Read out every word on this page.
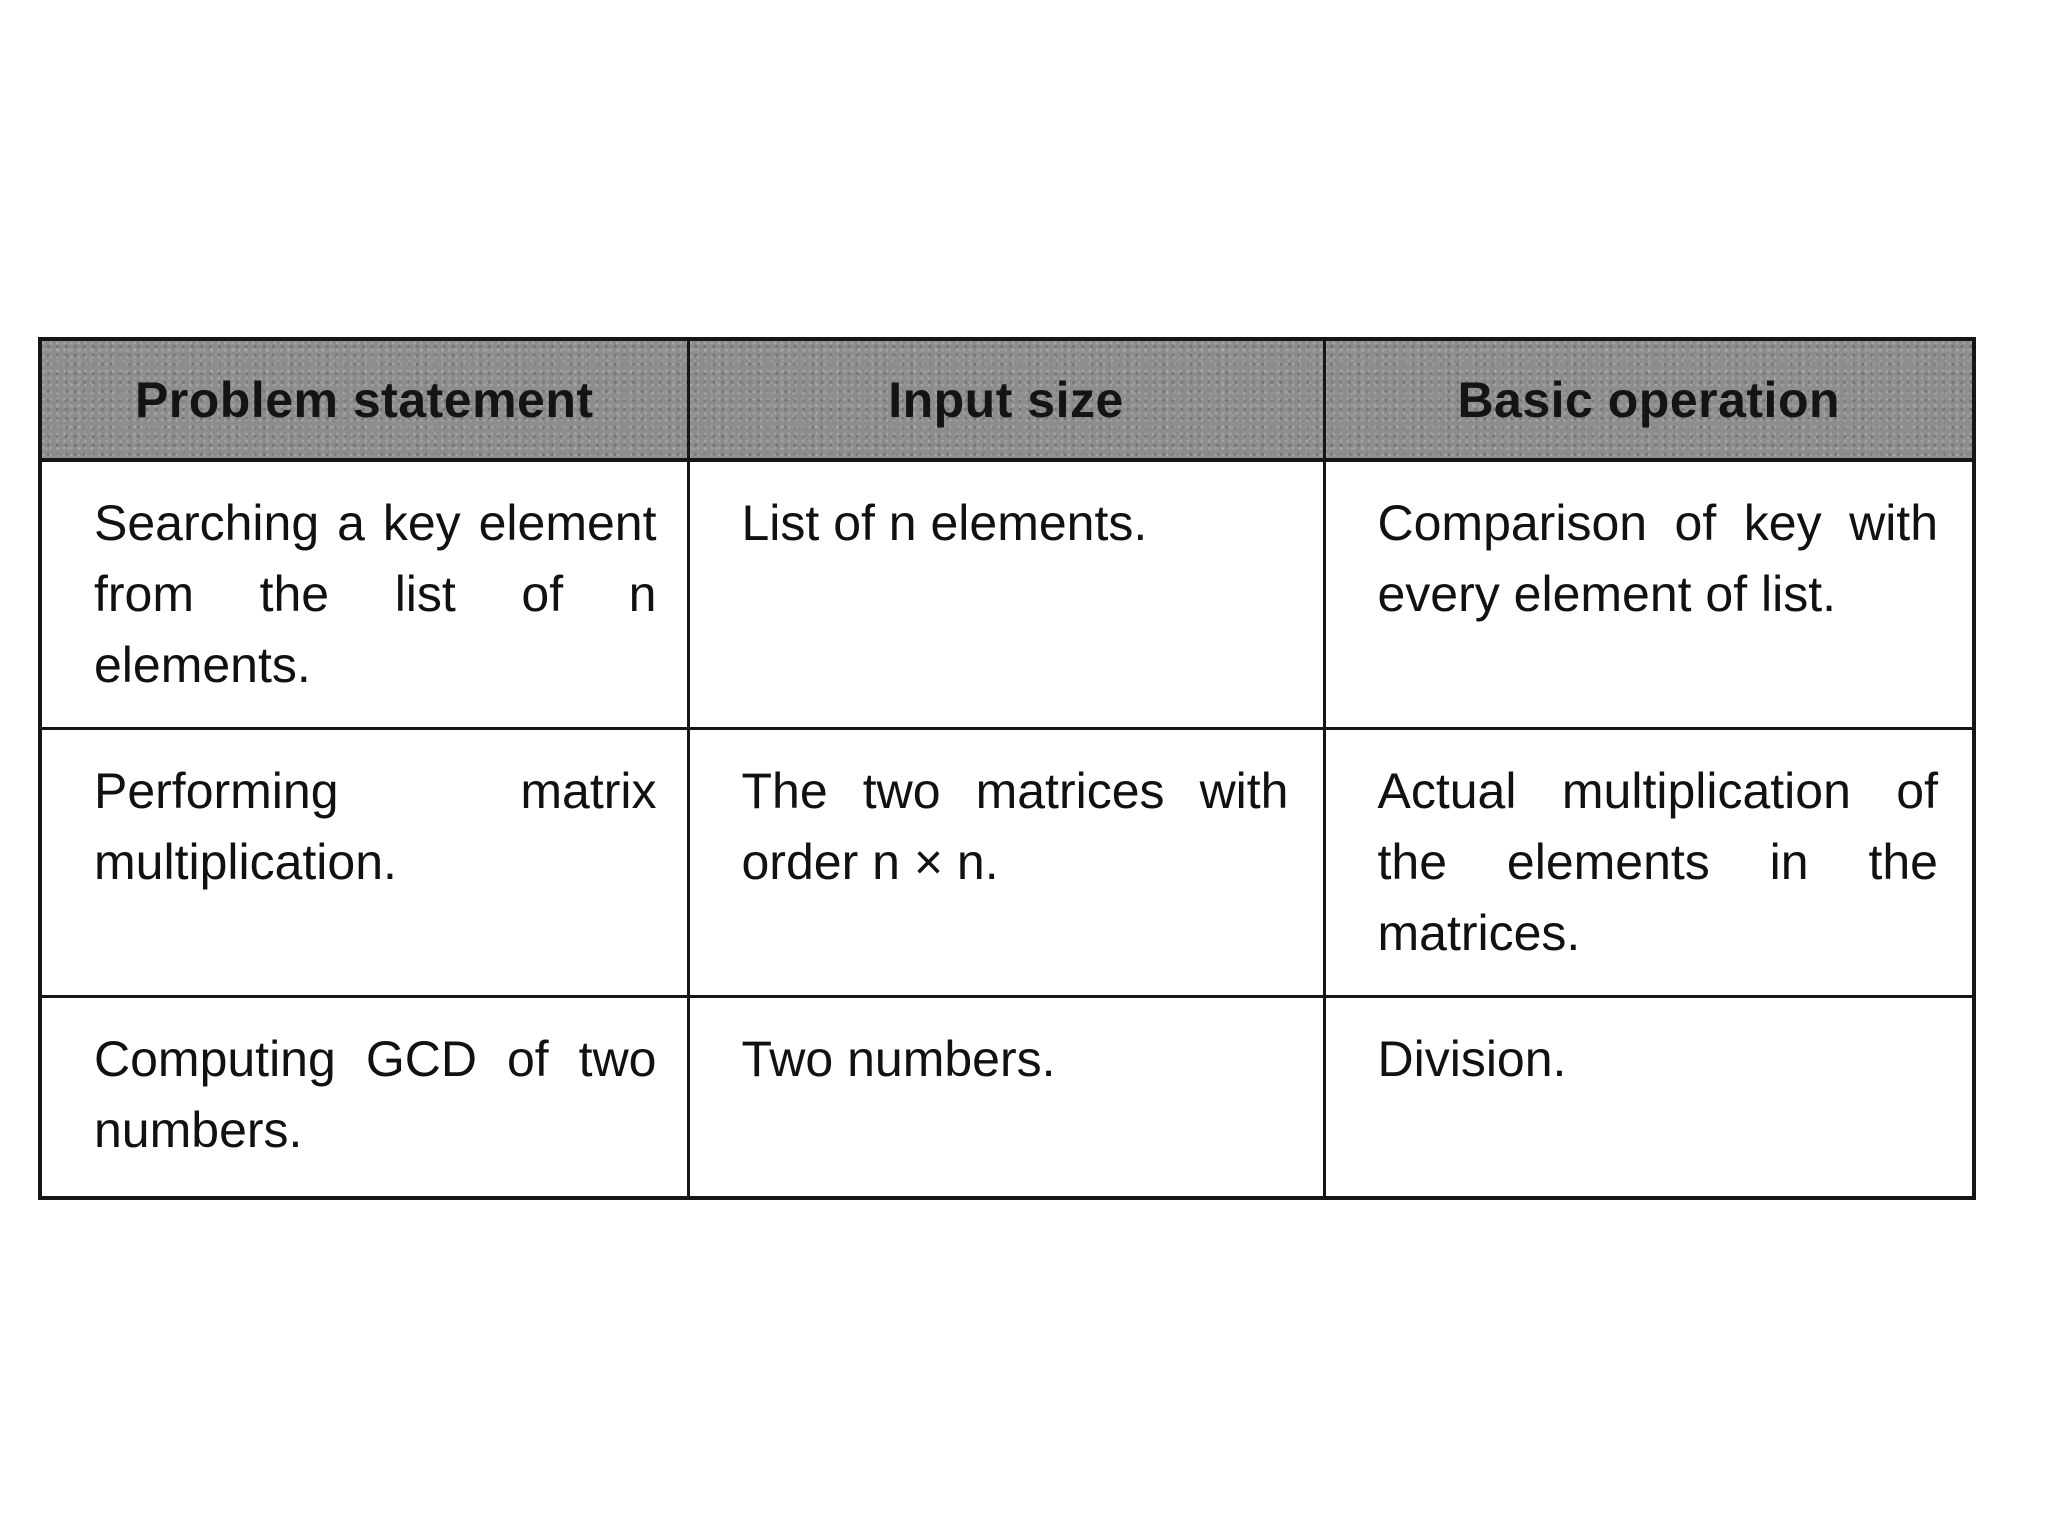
Problem statement	Input size	Basic operation
Searching a key element from the list of n elements.	List of n elements.	Comparison of key with every element of list.
Performing matrix multiplication.	The two matrices with order n × n.	Actual multiplication of the elements in the matrices.
Computing GCD of two numbers.	Two numbers.	Division.
